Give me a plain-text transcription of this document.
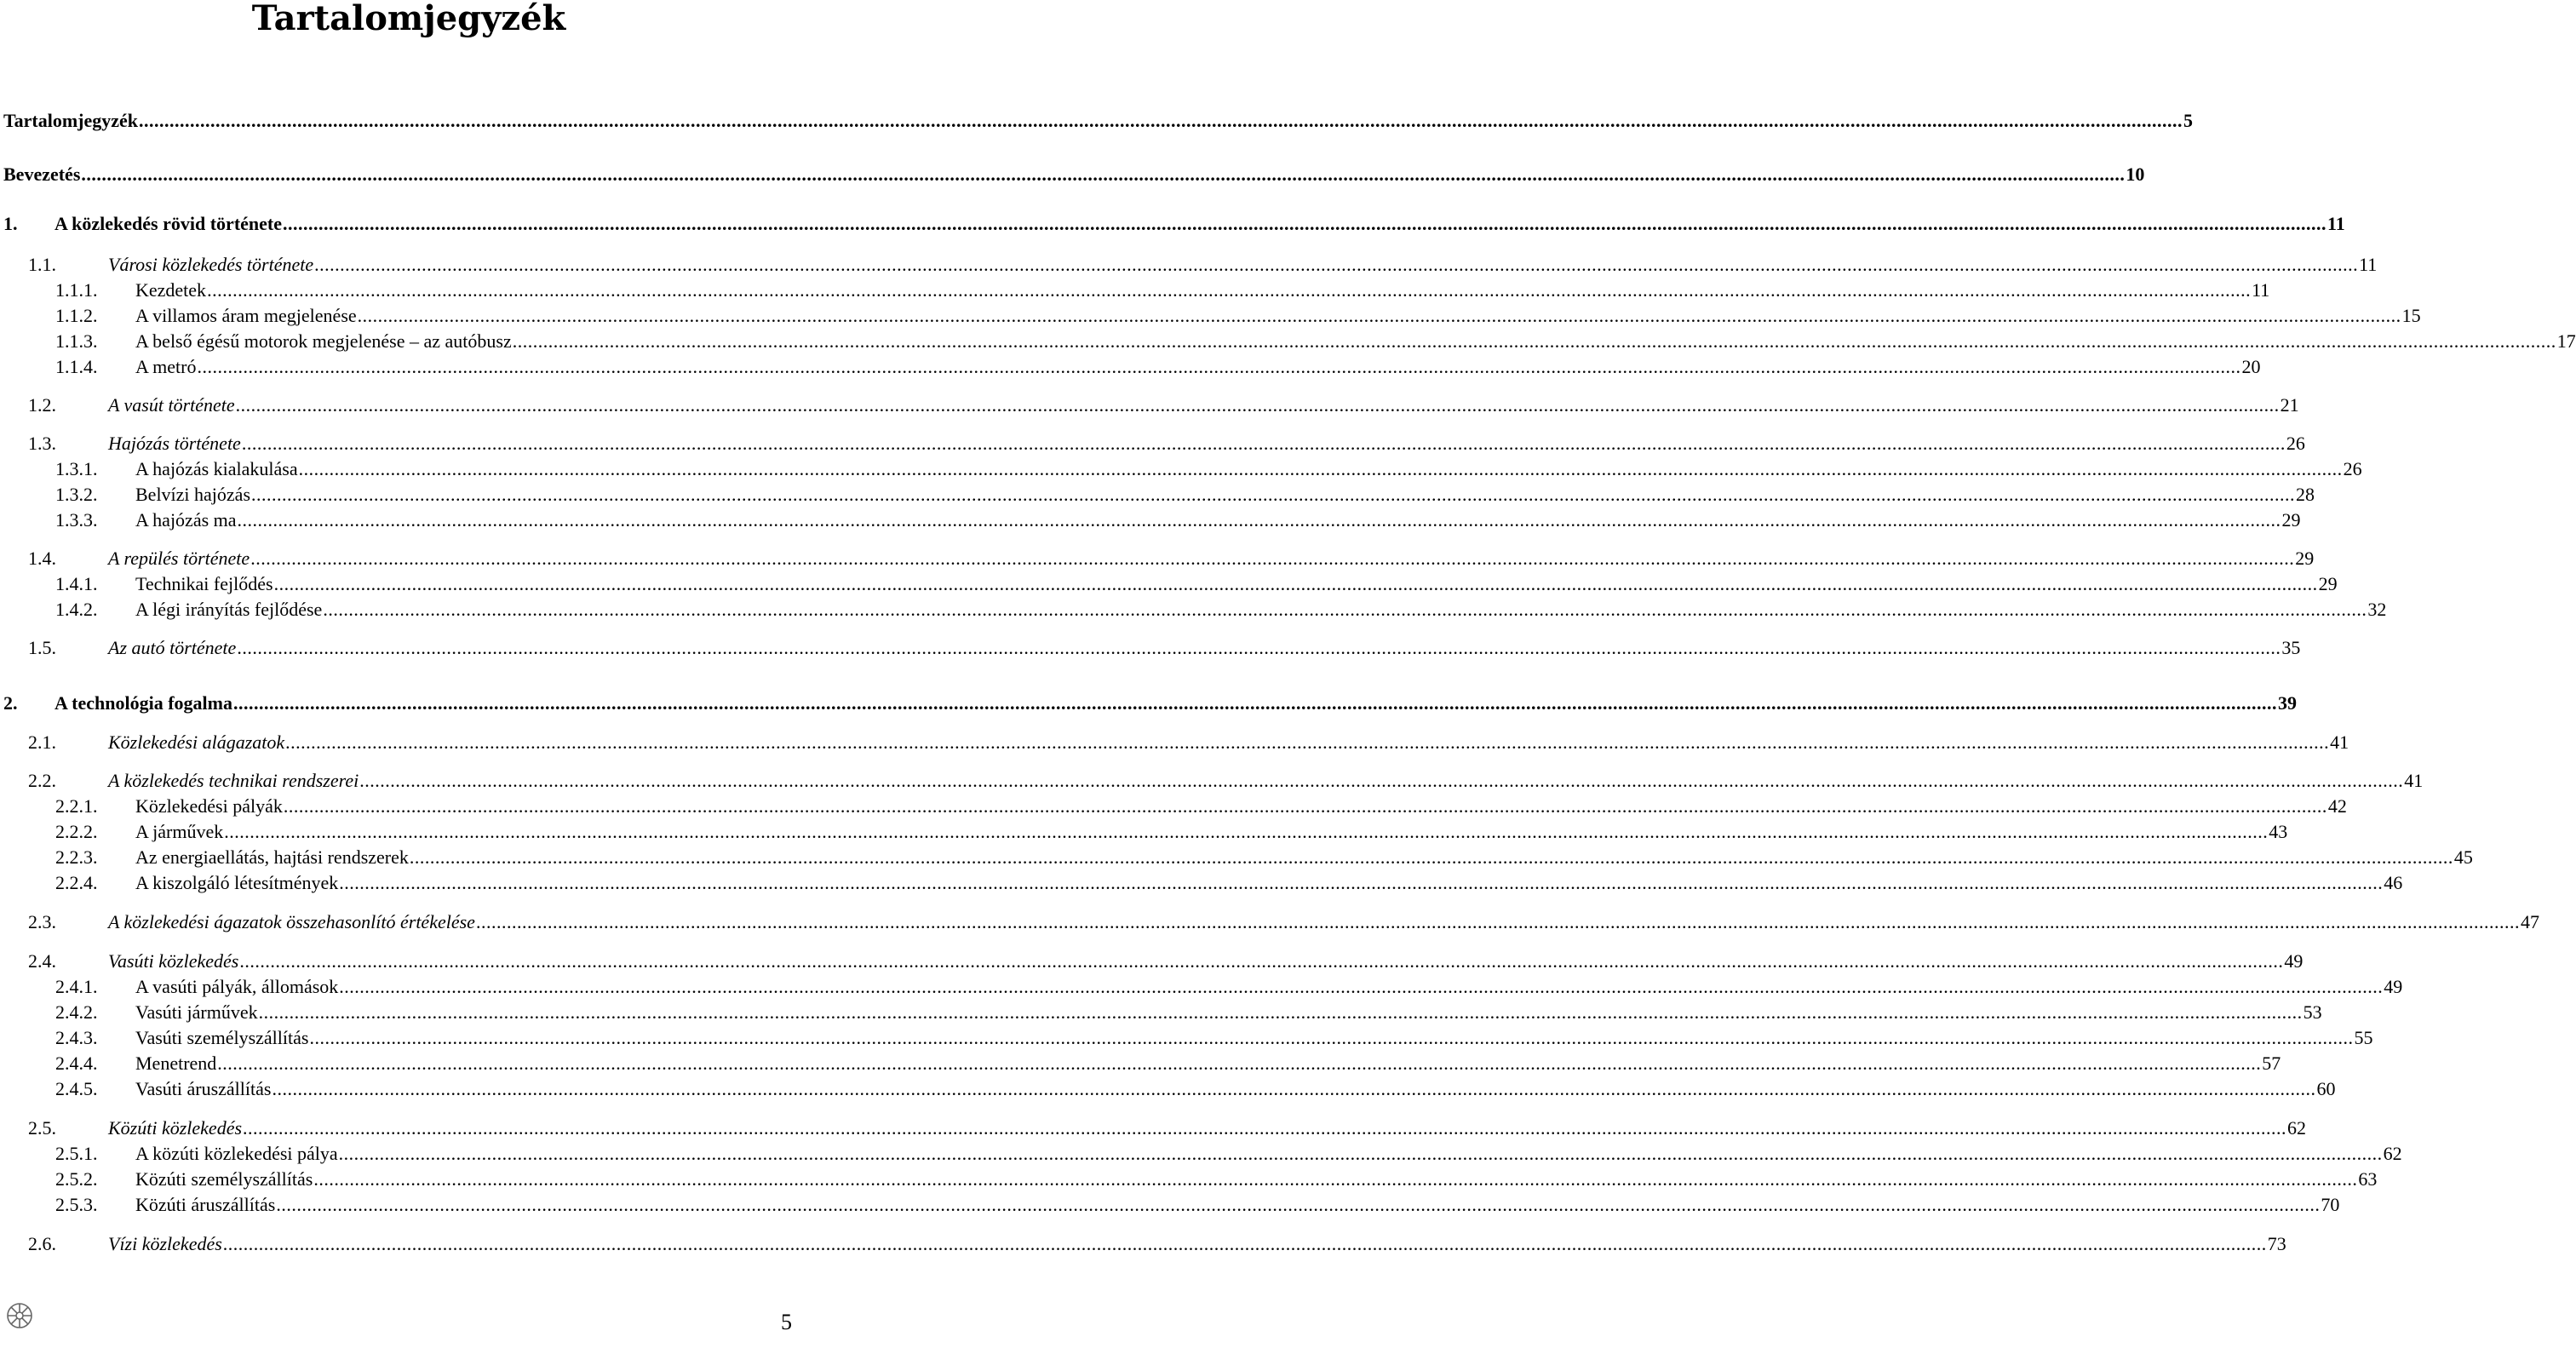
Tartalomjegyzék
Tartalomjegyzék ................................................................................................................................................................................................................................................................................................................................................................................................................ 5
Bevezetés ................................................................................................................................................................................................................................................................................................................................................................................................................ 10
1. A közlekedés rövid története ................................................................................................................................................................................................................................................................................................................................................................................................................ 11
1.1.	Városi közlekedés története ................................................................................................................................................................................................................................................................................................................................................................................................................ 11
1.1.1. Kezdetek ................................................................................................................................................................................................................................................................................................................................................................................................................ 11
1.1.2. A villamos áram megjelenése ................................................................................................................................................................................................................................................................................................................................................................................................................ 15
1.1.3. A belső égésű motorok megjelenése – az autóbusz ................................................................................................................................................................................................................................................................................................................................................................................................................ 17
1.1.4. A metró ................................................................................................................................................................................................................................................................................................................................................................................................................ 20
1.2.	A vasút története ................................................................................................................................................................................................................................................................................................................................................................................................................ 21
1.3.	Hajózás története ................................................................................................................................................................................................................................................................................................................................................................................................................ 26
1.3.1. A hajózás kialakulása ................................................................................................................................................................................................................................................................................................................................................................................................................ 26
1.3.2. Belvízi hajózás ................................................................................................................................................................................................................................................................................................................................................................................................................ 28
1.3.3. A hajózás ma ................................................................................................................................................................................................................................................................................................................................................................................................................ 29
1.4.	A repülés története ................................................................................................................................................................................................................................................................................................................................................................................................................ 29
1.4.1. Technikai fejlődés ................................................................................................................................................................................................................................................................................................................................................................................................................ 29
1.4.2. A légi irányítás fejlődése ................................................................................................................................................................................................................................................................................................................................................................................................................ 32
1.5.	Az autó története ................................................................................................................................................................................................................................................................................................................................................................................................................ 35
2. A technológia fogalma ................................................................................................................................................................................................................................................................................................................................................................................................................ 39
2.1.	Közlekedési alágazatok ................................................................................................................................................................................................................................................................................................................................................................................................................ 41
2.2.	A közlekedés technikai rendszerei ................................................................................................................................................................................................................................................................................................................................................................................................................ 41
2.2.1. Közlekedési pályák ................................................................................................................................................................................................................................................................................................................................................................................................................ 42
2.2.2. A járművek ................................................................................................................................................................................................................................................................................................................................................................................................................ 43
2.2.3. Az energiaellátás, hajtási rendszerek ................................................................................................................................................................................................................................................................................................................................................................................................................ 45
2.2.4. A kiszolgáló létesítmények ................................................................................................................................................................................................................................................................................................................................................................................................................ 46
2.3.	A közlekedési ágazatok összehasonlító értékelése ................................................................................................................................................................................................................................................................................................................................................................................................................ 47
2.4.	Vasúti közlekedés ................................................................................................................................................................................................................................................................................................................................................................................................................ 49
2.4.1. A vasúti pályák, állomások ................................................................................................................................................................................................................................................................................................................................................................................................................ 49
2.4.2. Vasúti járművek ................................................................................................................................................................................................................................................................................................................................................................................................................ 53
2.4.3. Vasúti személyszállítás ................................................................................................................................................................................................................................................................................................................................................................................................................ 55
2.4.4. Menetrend ................................................................................................................................................................................................................................................................................................................................................................................................................ 57
2.4.5. Vasúti áruszállítás ................................................................................................................................................................................................................................................................................................................................................................................................................ 60
2.5.	Közúti közlekedés ................................................................................................................................................................................................................................................................................................................................................................................................................ 62
2.5.1. A közúti közlekedési pálya ................................................................................................................................................................................................................................................................................................................................................................................................................ 62
2.5.2. Közúti személyszállítás ................................................................................................................................................................................................................................................................................................................................................................................................................ 63
2.5.3. Közúti áruszállítás ................................................................................................................................................................................................................................................................................................................................................................................................................ 70
2.6.	Vízi közlekedés ................................................................................................................................................................................................................................................................................................................................................................................................................ 73
5
